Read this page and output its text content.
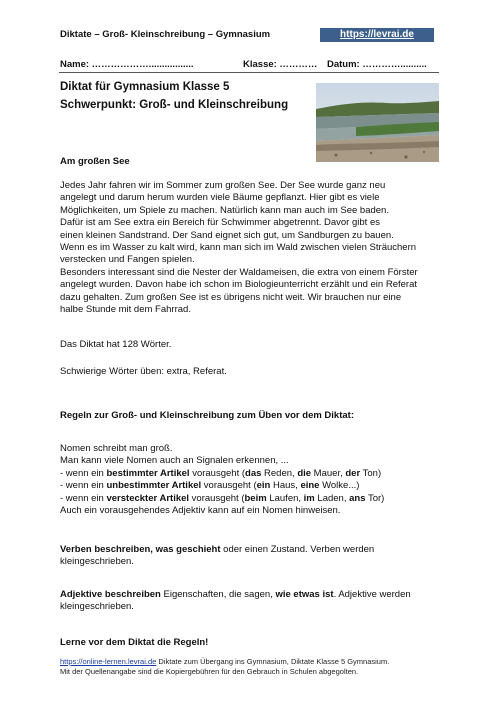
Diktate – Groß- Kleinschreibung – Gymnasium	https://levrai.de
Name: ……………….................	Klasse: ………… Datum: …………..........
Diktat für Gymnasium Klasse 5
Schwerpunkt: Groß- und Kleinschreibung
Am großen See
Jedes Jahr fahren wir im Sommer zum großen See. Der See wurde ganz neu
angelegt und darum herum wurden viele Bäume gepflanzt. Hier gibt es viele
Möglichkeiten, um Spiele zu machen. Natürlich kann man auch im See baden.
Dafür ist am See extra ein Bereich für Schwimmer abgetrennt. Davor gibt es
einen kleinen Sandstrand. Der Sand eignet sich gut, um Sandburgen zu bauen.
Wenn es im Wasser zu kalt wird, kann man sich im Wald zwischen vielen Sträuchern
verstecken und Fangen spielen.
Besonders interessant sind die Nester der Waldameisen, die extra von einem Förster
angelegt wurden. Davon habe ich schon im Biologieunterricht erzählt und ein Referat
dazu gehalten. Zum großen See ist es übrigens nicht weit. Wir brauchen nur eine
halbe Stunde mit dem Fahrrad.
Das Diktat hat 128 Wörter.
Schwierige Wörter üben: extra, Referat.
Regeln zur Groß- und Kleinschreibung zum Üben vor dem Diktat:
Nomen schreibt man groß.
Man kann viele Nomen auch an Signalen erkennen, ...
- wenn ein bestimmter Artikel vorausgeht (das Reden, die Mauer, der Ton)
- wenn ein unbestimmter Artikel vorausgeht (ein Haus, eine Wolke...)
- wenn ein versteckter Artikel vorausgeht (beim Laufen, im Laden, ans Tor)
Auch ein vorausgehendes Adjektiv kann auf ein Nomen hinweisen.
Verben beschreiben, was geschieht oder einen Zustand. Verben werden
kleingeschrieben.
Adjektive beschreiben Eigenschaften, die sagen, wie etwas ist. Adjektive werden
kleingeschrieben.
Lerne vor dem Diktat die Regeln!
https://online-lernen.levrai.de Diktate zum Übergang ins Gymnasium, Diktate Klasse 5 Gymnasium.
Mit der Quellenangabe sind die Kopiergebühren für den Gebrauch in Schulen abgegolten.
